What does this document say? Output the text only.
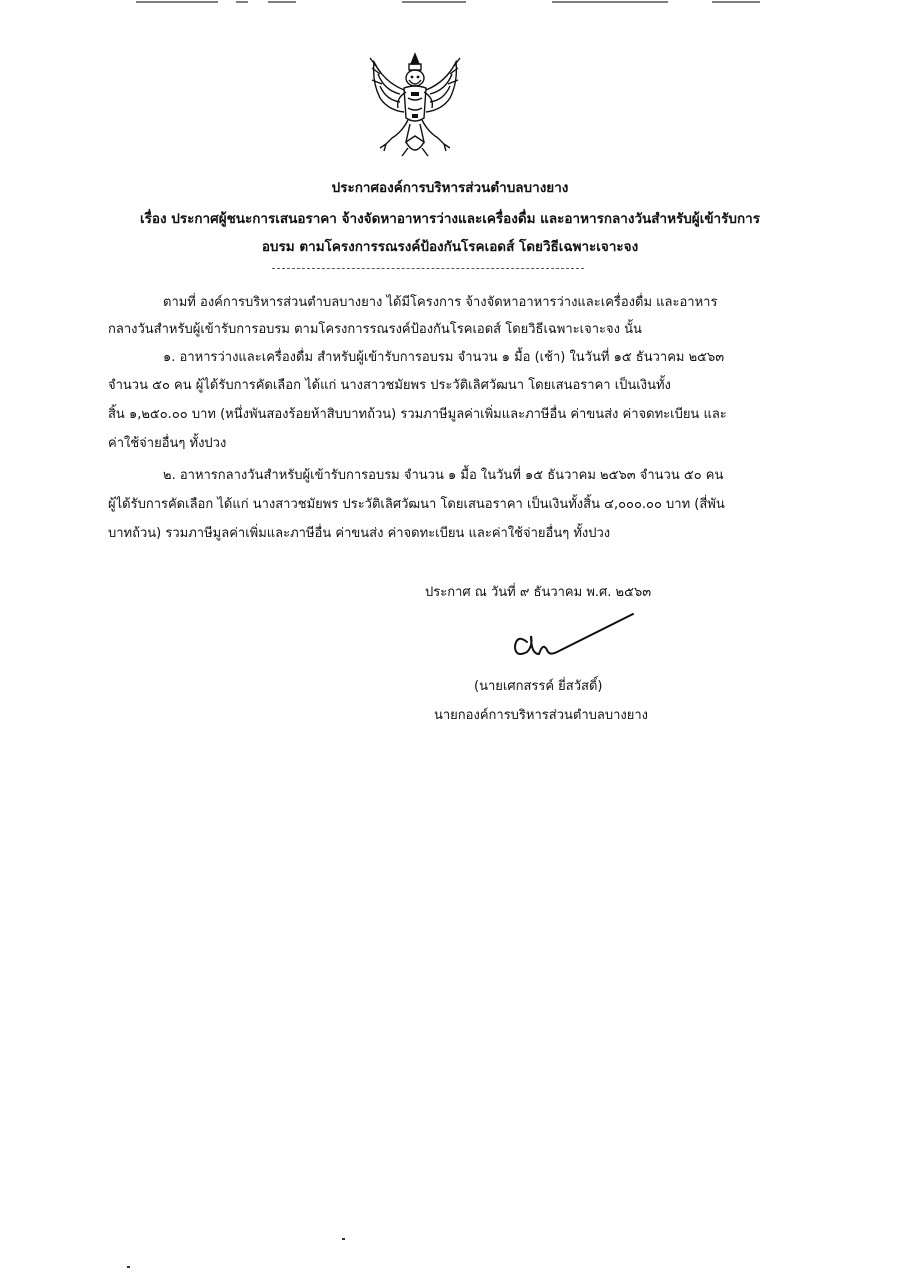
ประกาศองค์การบริหารส่วนตำบลบางยาง
เรื่อง ประกาศผู้ชนะการเสนอราคา จ้างจัดหาอาหารว่างและเครื่องดื่ม และอาหารกลางวันสำหรับผู้เข้ารับการ
อบรม ตามโครงการรณรงค์ป้องกันโรคเอดส์ โดยวิธีเฉพาะเจาะจง
ตามที่ องค์การบริหารส่วนตำบลบางยาง ได้มีโครงการ จ้างจัดหาอาหารว่างและเครื่องดื่ม และอาหาร
กลางวันสำหรับผู้เข้ารับการอบรม ตามโครงการรณรงค์ป้องกันโรคเอดส์ โดยวิธีเฉพาะเจาะจง นั้น
๑. อาหารว่างและเครื่องดื่ม สำหรับผู้เข้ารับการอบรม จำนวน ๑ มื้อ (เช้า) ในวันที่ ๑๕ ธันวาคม ๒๕๖๓
จำนวน ๕๐ คน ผู้ได้รับการคัดเลือก ได้แก่ นางสาวชมัยพร ประวัติเลิศวัฒนา โดยเสนอราคา เป็นเงินทั้ง
สิ้น ๑,๒๕๐.๐๐ บาท (หนึ่งพันสองร้อยห้าสิบบาทถ้วน) รวมภาษีมูลค่าเพิ่มและภาษีอื่น ค่าขนส่ง ค่าจดทะเบียน และ
ค่าใช้จ่ายอื่นๆ ทั้งปวง
๒. อาหารกลางวันสำหรับผู้เข้ารับการอบรม จำนวน ๑ มื้อ ในวันที่ ๑๕ ธันวาคม ๒๕๖๓ จำนวน ๕๐ คน
ผู้ได้รับการคัดเลือก ได้แก่ นางสาวชมัยพร ประวัติเลิศวัฒนา โดยเสนอราคา เป็นเงินทั้งสิ้น ๔,๐๐๐.๐๐ บาท (สี่พัน
บาทถ้วน) รวมภาษีมูลค่าเพิ่มและภาษีอื่น ค่าขนส่ง ค่าจดทะเบียน และค่าใช้จ่ายอื่นๆ ทั้งปวง
ประกาศ ณ วันที่ ๙ ธันวาคม พ.ศ. ๒๕๖๓
(นายเศกสรรค์ ยี่สวัสดิ์)
นายกองค์การบริหารส่วนตำบลบางยาง
